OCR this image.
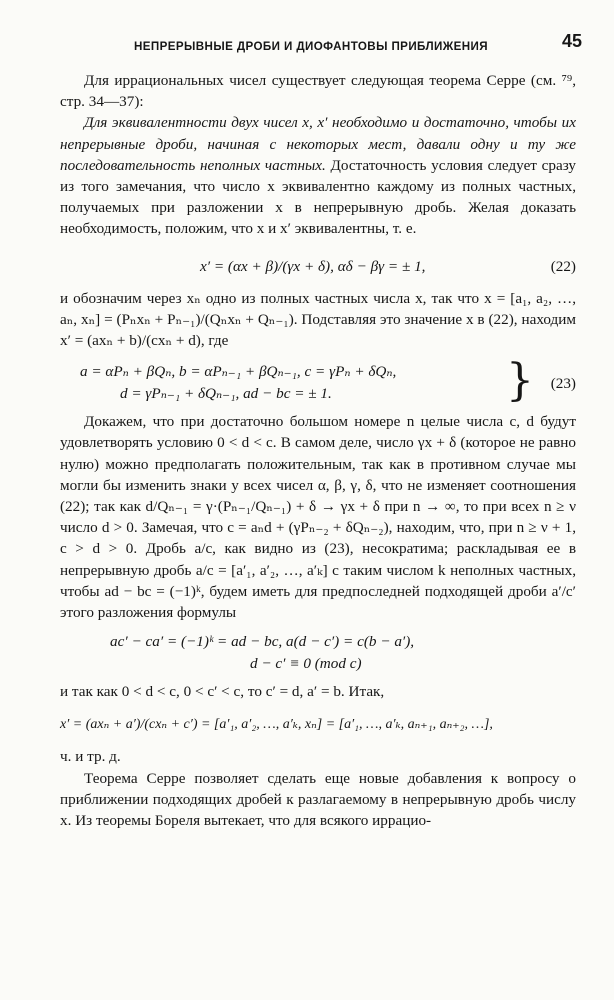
НЕПРЕРЫВНЫЕ ДРОБИ И ДИОФАНТОВЫ ПРИБЛИЖЕНИЯ	45

Для иррациональных чисел существует следующая теорема Серре (см. ⁷⁹, стр. 34—37):

Для эквивалентности двух чисел x, x′ необходимо и достаточно, чтобы их непрерывные дроби, начиная с некоторых мест, давали одну и ту же последовательность неполных частных. Достаточность условия следует сразу из того замечания, что число x эквивалентно каждому из полных частных, получаемых при разложении x в непрерывную дробь. Желая доказать необходимость, положим, что x и x′ эквивалентны, т. е.

x′ = (αx + β)/(γx + δ), αδ − βγ = ± 1,	(22)

и обозначим через xₙ одно из полных частных числа x, так что x = [a₁, a₂, …, aₙ, xₙ] = (Pₙxₙ + Pₙ₋₁)/(Qₙxₙ + Qₙ₋₁). Подставляя это значение x в (22), находим x′ = (axₙ + b)/(cxₙ + d), где

a = αPₙ + βQₙ, b = αPₙ₋₁ + βQₙ₋₁, c = γPₙ + δQₙ,
d = γPₙ₋₁ + δQₙ₋₁, ad − bc = ± 1.	} (23)

Докажем, что при достаточно большом номере n целые числа c, d будут удовлетворять условию 0 < d < c. В самом деле, число γx + δ (которое не равно нулю) можно предполагать положительным, так как в противном случае мы могли бы изменить знаки у всех чисел α, β, γ, δ, что не изменяет соотношения (22); так как d/Qₙ₋₁ = γ·(Pₙ₋₁/Qₙ₋₁) + δ → γx + δ при n → ∞, то при всех n ≥ ν число d > 0. Замечая, что c = aₙd + (γPₙ₋₂ + δQₙ₋₂), находим, что, при n ≥ ν + 1, c > d > 0. Дробь a/c, как видно из (23), несократима; раскладывая ее в непрерывную дробь a/c = [a′₁, a′₂, …, a′ₖ] с таким числом k неполных частных, чтобы ad − bc = (−1)ᵏ, будем иметь для предпоследней подходящей дроби a′/c′ этого разложения формулы

ac′ − ca′ = (−1)ᵏ = ad − bc, a(d − c′) = c(b − a′),
d − c′ ≡ 0 (mod c)

и так как 0 < d < c, 0 < c′ < c, то c′ = d, a′ = b. Итак,

x′ = (axₙ + a′)/(cxₙ + c′) = [a′₁, a′₂, …, a′ₖ, xₙ] = [a′₁, …, a′ₖ, aₙ₊₁, aₙ₊₂, …],

ч. и тр. д.

Теорема Серре позволяет сделать еще новые добавления к вопросу о приближении подходящих дробей к разлагаемому в непрерывную дробь числу x. Из теоремы Бореля вытекает, что для всякого иррацио-
